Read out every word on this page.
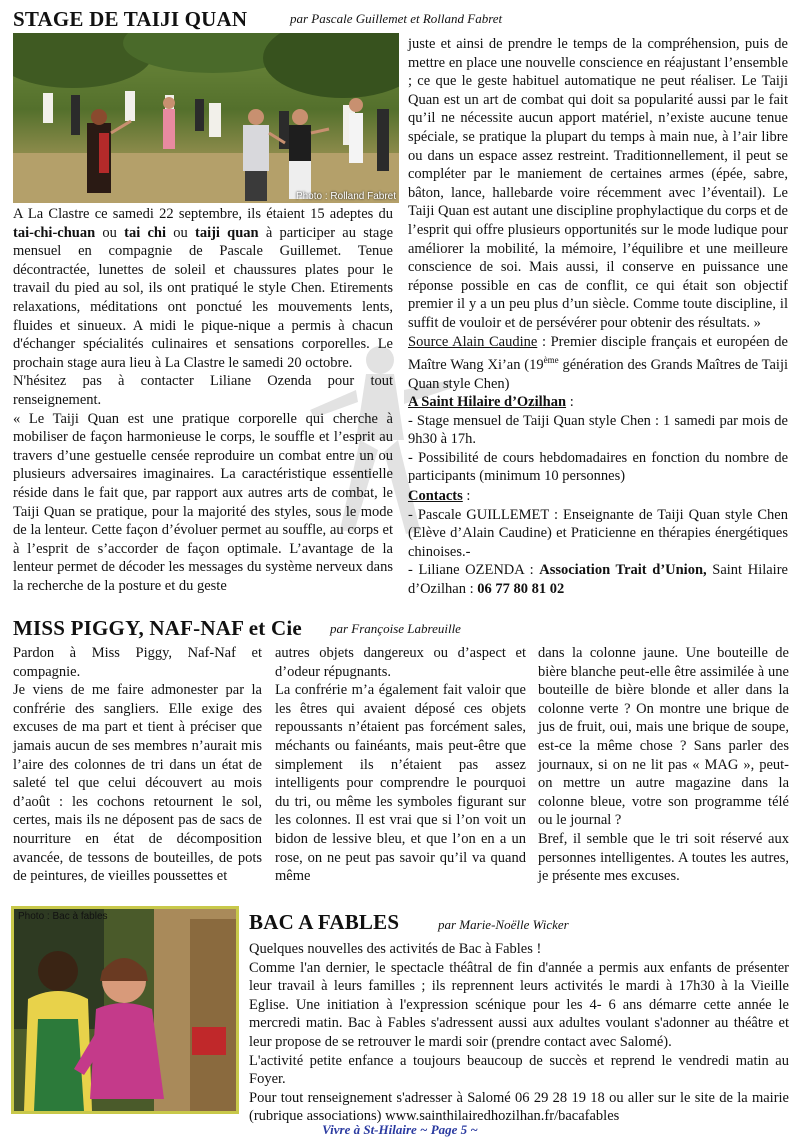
STAGE DE TAIJI QUAN	par Pascale Guillemet et Rolland Fabret
Photo : Rolland Fabret

A La Clastre ce samedi 22 septembre, ils étaient 15 adeptes du tai-chi-chuan ou tai chi ou taiji quan à participer au stage mensuel en compagnie de Pascale Guillemet. Tenue décontractée, lunettes de soleil et chaussures plates pour le travail du pied au sol, ils ont pratiqué le style Chen. Etirements relaxations, méditations ont ponctué les mouvements lents, fluides et sinueux. A midi le pique-nique a permis à chacun d'échanger spécialités culinaires et sensations corporelles. Le prochain stage aura lieu à La Clastre le samedi 20 octobre.

N'hésitez pas à contacter Liliane Ozenda pour tout renseignement.

« Le Taiji Quan est une pratique corporelle qui cherche à mobiliser de façon harmonieuse le corps, le souffle et l’esprit au travers d’une gestuelle censée reproduire un combat entre un ou plusieurs adversaires imaginaires. La caractéristique essentielle réside dans le fait que, par rapport aux autres arts de combat, le Taiji Quan se pratique, pour la majorité des styles, sous le mode de la lenteur. Cette façon d’évoluer permet au souffle, au corps et à l’esprit de s’accorder de façon optimale. L’avantage de la lenteur permet de décoder les messages du système nerveux dans la recherche de la posture et du geste

juste et ainsi de prendre le temps de la compréhension, puis de mettre en place une nouvelle conscience en réajustant l’ensemble ; ce que le geste habituel automatique ne peut réaliser. Le Taiji Quan est un art de combat qui doit sa popularité aussi par le fait qu’il ne nécessite aucun apport matériel, n’existe aucune tenue spéciale, se pratique la plupart du temps à main nue, à l’air libre ou dans un espace assez restreint. Traditionnellement, il peut se compléter par le maniement de certaines armes (épée, sabre, bâton, lance, hallebarde voire récemment avec l’éventail). Le Taiji Quan est autant une discipline prophylactique du corps et de l’esprit qui offre plusieurs opportunités sur le mode ludique pour améliorer la mobilité, la mémoire, l’équilibre et une meilleure conscience de soi. Mais aussi, il conserve en puissance une réponse possible en cas de conflit, ce qui était son objectif premier il y a un peu plus d’un siècle. Comme toute discipline, il suffit de vouloir et de persévérer pour obtenir des résultats. »

Source Alain Caudine : Premier disciple français et européen de Maître Wang Xi’an (19ème génération des Grands Maîtres de Taiji Quan style Chen)

A Saint Hilaire d’Ozilhan :

- Stage mensuel de Taiji Quan style Chen : 1 samedi par mois de 9h30 à 17h.

- Possibilité de cours hebdomadaires en fonction du nombre de participants (minimum 10 personnes)

Contacts :

- Pascale GUILLEMET : Enseignante de Taiji Quan style Chen (Elève d’Alain Caudine) et Praticienne en thérapies énergétiques chinoises.-

- Liliane OZENDA : Association Trait d’Union, Saint Hilaire d’Ozilhan : 06 77 80 81 02

MISS PIGGY, NAF-NAF et Cie par Françoise Labreuille
Pardon à Miss Piggy, Naf-Naf et compagnie.
Je viens de me faire admonester par la confrérie des sangliers. Elle exige des excuses de ma part et tient à préciser que jamais aucun de ses membres n’aurait mis l’aire des colonnes de tri dans un état de saleté tel que celui découvert au mois d’août : les cochons retournent le sol, certes, mais ils ne déposent pas de sacs de nourriture en état de décomposition avancée, de tessons de bouteilles, de pots de peintures, de vieilles poussettes et
autres objets dangereux ou d’aspect et d’odeur répugnants.
La confrérie m’a également fait valoir que les êtres qui avaient déposé ces objets repoussants n’étaient pas forcément sales, méchants ou fainéants, mais peut-être que simplement ils n’étaient pas assez intelligents pour comprendre le pourquoi du tri, ou même les symboles figurant sur les colonnes. Il est vrai que si l’on voit un bidon de lessive bleu, et que l’on en a un rose, on ne peut pas savoir qu’il va quand même
dans la colonne jaune. Une bouteille de bière blanche peut-elle être assimilée à une bouteille de bière blonde et aller dans la colonne verte ? On montre une brique de jus de fruit, oui, mais une brique de soupe, est-ce la même chose ? Sans parler des journaux, si on ne lit pas « MAG », peut-on mettre un autre magazine dans la colonne bleue, votre son programme télé ou le journal ?
Bref, il semble que le tri soit réservé aux personnes intelligentes. A toutes les autres, je présente mes excuses.
Photo : Bac à fables	BAC A FABLES	par Marie-Noëlle Wicker

Quelques nouvelles des activités de Bac à Fables !

Comme l'an dernier, le spectacle théâtral de fin d'année a permis aux enfants de présenter leur travail à leurs familles ; ils reprennent leurs activités le mardi à 17h30 à la Vieille Eglise. Une initiation à l'expression scénique pour les 4- 6 ans démarre cette année le mercredi matin. Bac à Fables s'adressent aussi aux adultes voulant s'adonner au théâtre et leur propose de se retrouver le mardi soir (prendre contact avec Salomé).

L'activité petite enfance a toujours beaucoup de succès et reprend le vendredi matin au Foyer.

Pour tout renseignement s'adresser à Salomé 06 29 28 19 18 ou aller sur le site de la mairie (rubrique associations) www.sainthilairedhozilhan.fr/bacafables

Vivre à St-Hilaire ~ Page 5 ~
